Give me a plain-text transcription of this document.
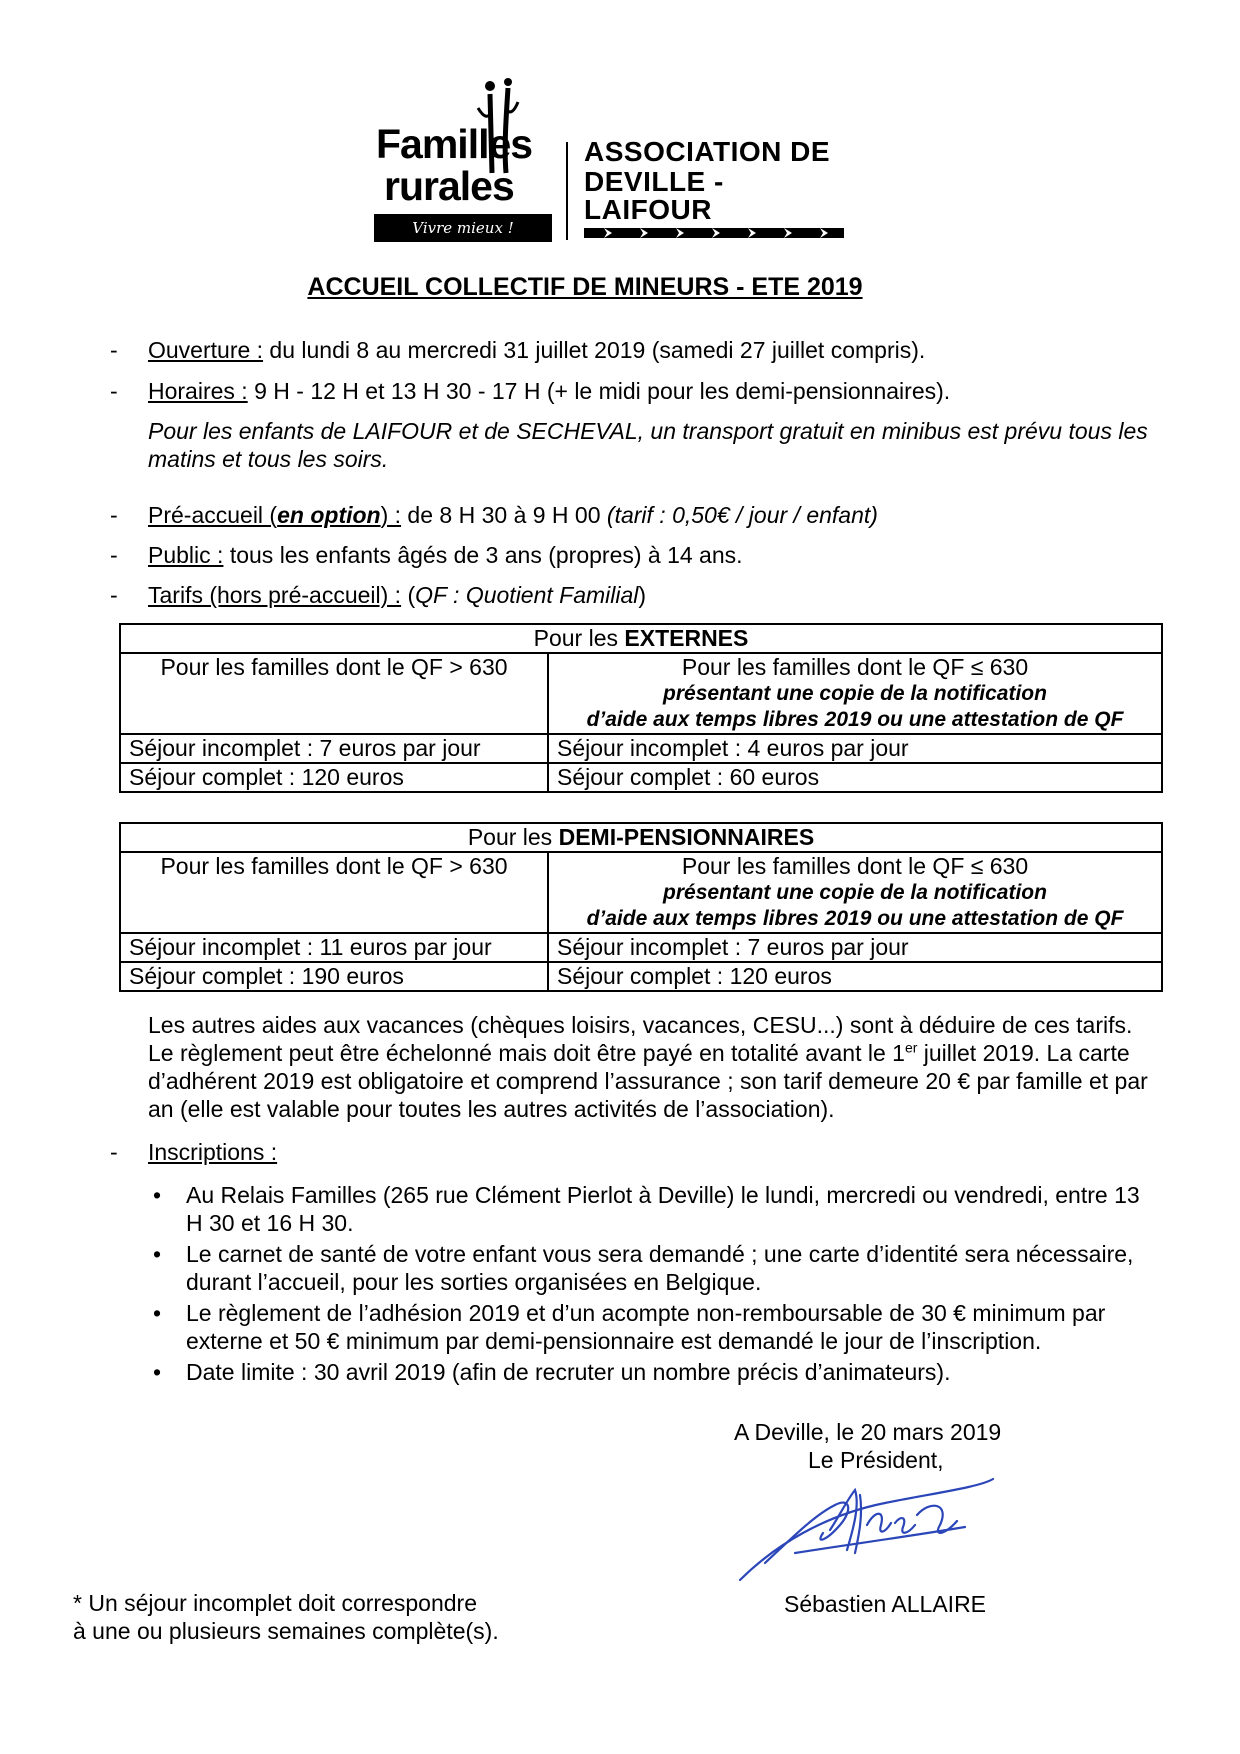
Familles
rurales
Vivre mieux !
ASSOCIATION DE
DEVILLE - LAIFOUR
ACCUEIL COLLECTIF DE MINEURS - ETE 2019
- Ouverture : du lundi 8 au mercredi 31 juillet 2019 (samedi 27 juillet compris).
- Horaires : 9 H - 12 H et 13 H 30 - 17 H (+ le midi pour les demi-pensionnaires).
Pour les enfants de LAIFOUR et de SECHEVAL, un transport gratuit en minibus est prévu tous les matins et tous les soirs.
- Pré-accueil (en option) : de 8 H 30 à 9 H 00 (tarif : 0,50€ / jour / enfant)
- Public : tous les enfants âgés de 3 ans (propres) à 14 ans.
- Tarifs (hors pré-accueil) : (QF : Quotient Familial)
Pour les EXTERNES	
Pour les familles dont le QF > 630	Pour les familles dont le QF ≤ 630
présentant une copie de la notification
d’aide aux temps libres 2019 ou une attestation de QF

Séjour incomplet : 7 euros par jour	Séjour incomplet : 4 euros par jour
Séjour complet : 120 euros	Séjour complet : 60 euros
Pour les DEMI-PENSIONNAIRES	
Pour les familles dont le QF > 630	Pour les familles dont le QF ≤ 630
présentant une copie de la notification
d’aide aux temps libres 2019 ou une attestation de QF

Séjour incomplet : 11 euros par jour	Séjour incomplet : 7 euros par jour
Séjour complet : 190 euros	Séjour complet : 120 euros
Les autres aides aux vacances (chèques loisirs, vacances, CESU...) sont à déduire de ces tarifs. Le règlement peut être échelonné mais doit être payé en totalité avant le 1er juillet 2019. La carte d’adhérent 2019 est obligatoire et comprend l’assurance ; son tarif demeure 20 € par famille et par an (elle est valable pour toutes les autres activités de l’association).
- Inscriptions :
• Au Relais Familles (265 rue Clément Pierlot à Deville) le lundi, mercredi ou vendredi, entre 13 H 30 et 16 H 30.
• Le carnet de santé de votre enfant vous sera demandé ; une carte d’identité sera nécessaire, durant l’accueil, pour les sorties organisées en Belgique.
• Le règlement de l’adhésion 2019 et d’un acompte non-remboursable de 30 € minimum par externe et 50 € minimum par demi-pensionnaire est demandé le jour de l’inscription.
• Date limite : 30 avril 2019 (afin de recruter un nombre précis d’animateurs).
A Deville, le 20 mars 2019
Le Président,
Sébastien ALLAIRE
* Un séjour incomplet doit correspondre
à une ou plusieurs semaines complète(s).
